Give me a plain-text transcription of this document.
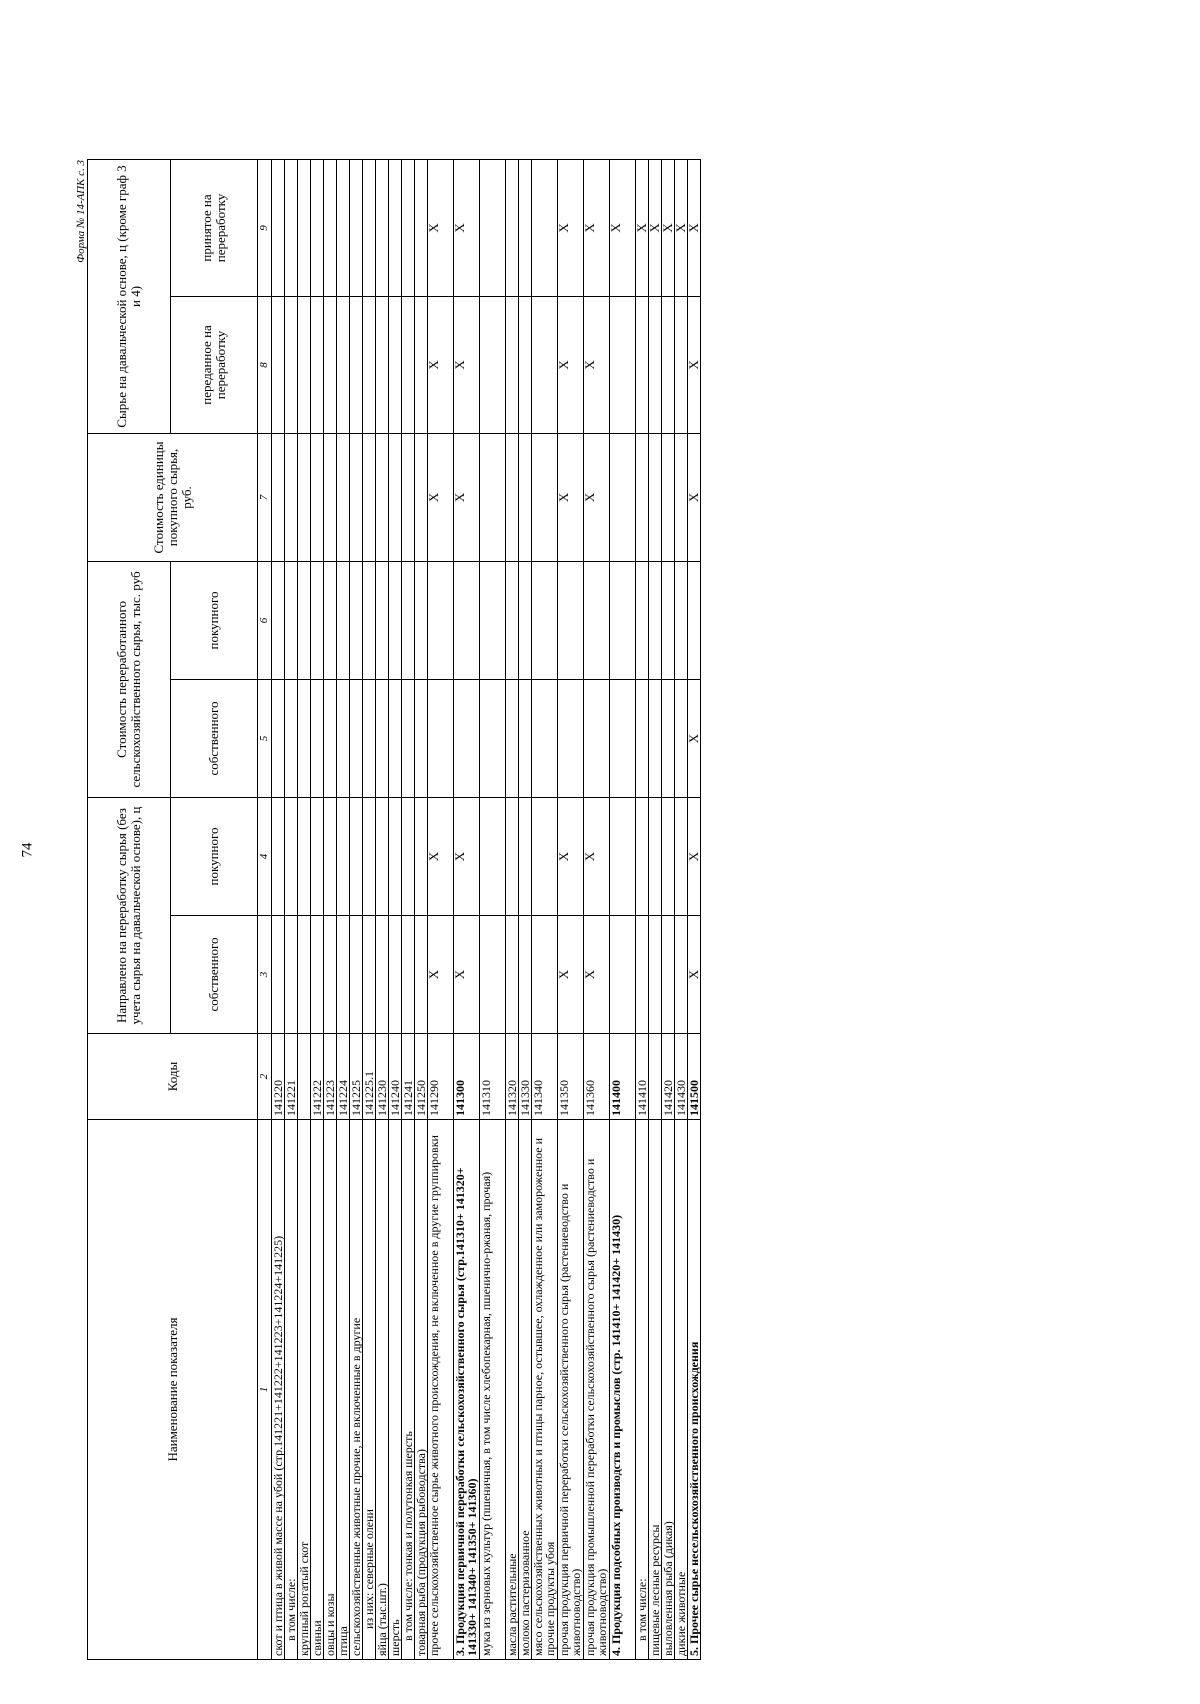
74
Форма № 14-АПК с. 3
Наименование показателя	Коды	Направлено на переработку сырья (без учета сырья на давальческой основе), ц		Стоимость переработанного сельскохозяйственного сырья, тыс. руб		Стоимость единицы покупного сырья, руб.	Сырье на давальческой основе, ц (кроме граф 3 и 4)	
		собственного	покупного	собственного	покупного		переданное на переработку	принятое на переработку
1	2	3	4	5	6	7	8	9
скот и птица в живой массе на убой (стр.141221+141222+141223+141224+141225)	141220							
в том числе:	141221							
крупный рогатый скот								
свиньи	141222							
овцы и козы	141223							
птица	141224							
сельскохозяйственные животные прочие, не включенные в другие	141225							
из них: северные олени	141225.1							
яйца (тыс.шт.)	141230							
шерсть	141240							
в том числе: тонкая и полутонкая шерсть	141241							
товарная рыба (продукция рыбоводства)	141250							
прочее сельскохозяйственное сырье животного происхождения, не включенное в другие группировки	141290	X	X			X	X	X
3. Продукция первичной переработки сельскохозяйственного сырья (стр.141310+ 141320+ 141330+ 141340+ 141350+ 141360)	141300	X	X			X	X	X
мука из зерновых культур (пшеничная, в том числе хлебопекарная, пшенично-ржаная, прочая)	141310							
масла растительные	141320							
молоко пастеризованное	141330							
мясо сельскохозяйственных животных и птицы парное, остывшее, охлажденное или замороженное и прочие продукты убоя	141340							
прочая продукция первичной переработки сельскохозяйственного сырья (растениеводство и животноводство)	141350	X	X			X	X	X
прочая продукция промышленной переработки сельскохозяйственного сырья (растениеводство и животноводство)	141360	X	X			X	X	X
4. Продукция подсобных производств и промыслов (стр. 141410+ 141420+ 141430)	141400							X
в том числе:	141410							X
пищевые лесные ресурсы								X
выловленная рыба (дикая)	141420							X
дикие животные	141430							X
5. Прочее сырье несельскохозяйственного происхождения	141500	X	X	X		X	X	X
